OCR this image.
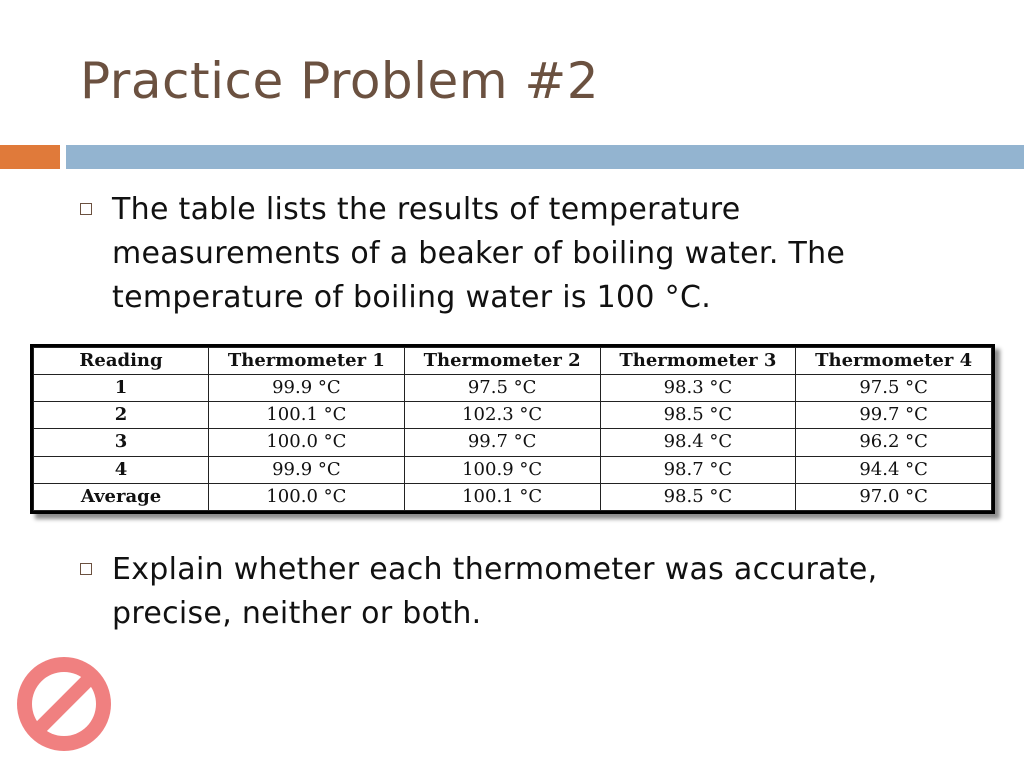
Practice Problem #2
The table lists the results of temperature measurements of a beaker of boiling water. The temperature of boiling water is 100 °C.
Reading	Thermometer 1	Thermometer 2	Thermometer 3	Thermometer 4
1	99.9 °C	97.5 °C	98.3 °C	97.5 °C
2	100.1 °C	102.3 °C	98.5 °C	99.7 °C
3	100.0 °C	99.7 °C	98.4 °C	96.2 °C
4	99.9 °C	100.9 °C	98.7 °C	94.4 °C
Average	100.0 °C	100.1 °C	98.5 °C	97.0 °C
Explain whether each thermometer was accurate, precise, neither or both.
